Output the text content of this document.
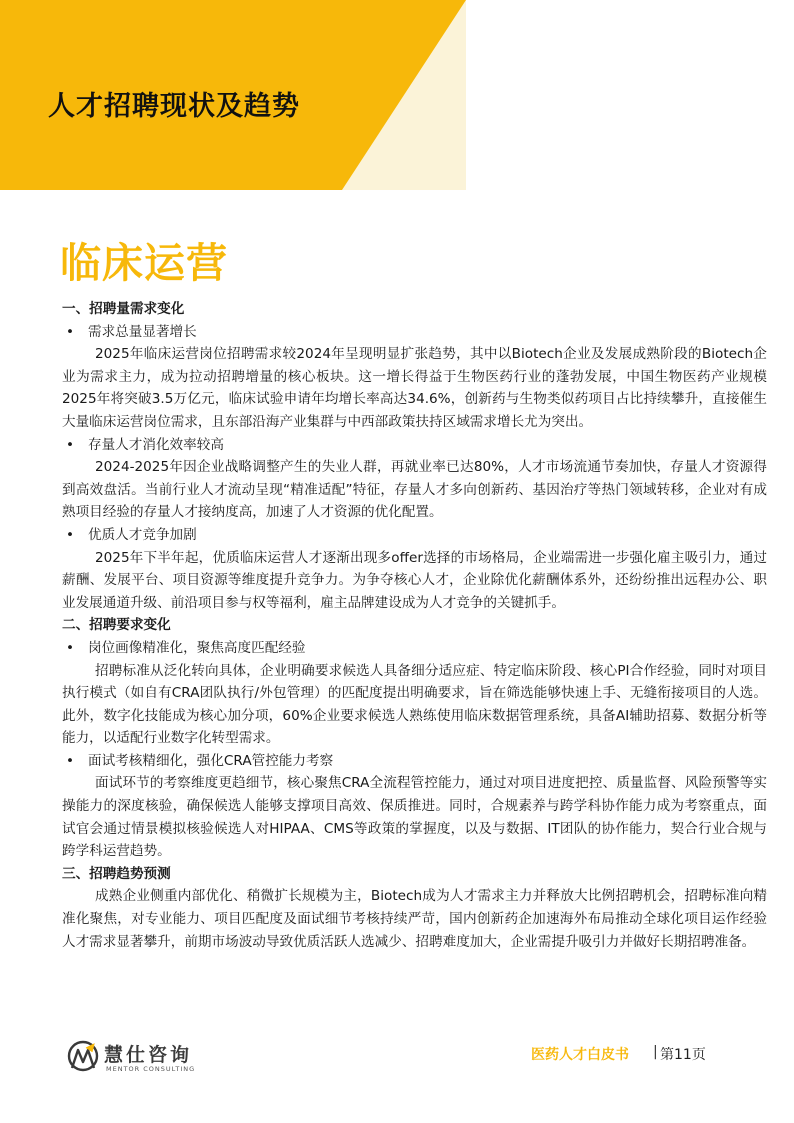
人才招聘现状及趋势
临床运营

一、招聘量需求变化

• 需求总量显著增长

2025年临床运营岗位招聘需求较2024年呈现明显扩张趋势，其中以Biotech企业及发展成熟阶段的Biotech企业为需求主力，成为拉动招聘增量的核心板块。这一增长得益于生物医药行业的蓬勃发展，中国生物医药产业规模2025年将突破3.5万亿元，临床试验申请年均增长率高达34.6%，创新药与生物类似药项目占比持续攀升，直接催生大量临床运营岗位需求，且东部沿海产业集群与中西部政策扶持区域需求增长尤为突出。

• 存量人才消化效率较高

2024-2025年因企业战略调整产生的失业人群，再就业率已达80%，人才市场流通节奏加快，存量人才资源得到高效盘活。当前行业人才流动呈现“精准适配”特征，存量人才多向创新药、基因治疗等热门领域转移，企业对有成熟项目经验的存量人才接纳度高，加速了人才资源的优化配置。

• 优质人才竞争加剧

2025年下半年起，优质临床运营人才逐渐出现多offer选择的市场格局，企业端需进一步强化雇主吸引力，通过薪酬、发展平台、项目资源等维度提升竞争力。为争夺核心人才，企业除优化薪酬体系外，还纷纷推出远程办公、职业发展通道升级、前沿项目参与权等福利，雇主品牌建设成为人才竞争的关键抓手。

二、招聘要求变化

• 岗位画像精准化，聚焦高度匹配经验

招聘标准从泛化转向具体，企业明确要求候选人具备细分适应症、特定临床阶段、核心PI合作经验，同时对项目执行模式（如自有CRA团队执行/外包管理）的匹配度提出明确要求，旨在筛选能够快速上手、无缝衔接项目的人选。此外，数字化技能成为核心加分项，60%企业要求候选人熟练使用临床数据管理系统，具备AI辅助招募、数据分析等能力，以适配行业数字化转型需求。

• 面试考核精细化，强化CRA管控能力考察

面试环节的考察维度更趋细节，核心聚焦CRA全流程管控能力，通过对项目进度把控、质量监督、风险预警等实操能力的深度核验，确保候选人能够支撑项目高效、保质推进。同时，合规素养与跨学科协作能力成为考察重点，面试官会通过情景模拟核验候选人对HIPAA、CMS等政策的掌握度，以及与数据、IT团队的协作能力，契合行业合规与跨学科运营趋势。

三、招聘趋势预测

成熟企业侧重内部优化、稍微扩长规模为主，Biotech成为人才需求主力并释放大比例招聘机会，招聘标准向精准化聚焦，对专业能力、项目匹配度及面试细节考核持续严苛，国内创新药企加速海外布局推动全球化项目运作经验人才需求显著攀升，前期市场波动导致优质活跃人选减少、招聘难度加大，企业需提升吸引力并做好长期招聘准备。

慧仕咨询

MENTOR CONSULTING

医药人才白皮书 | 第11页
